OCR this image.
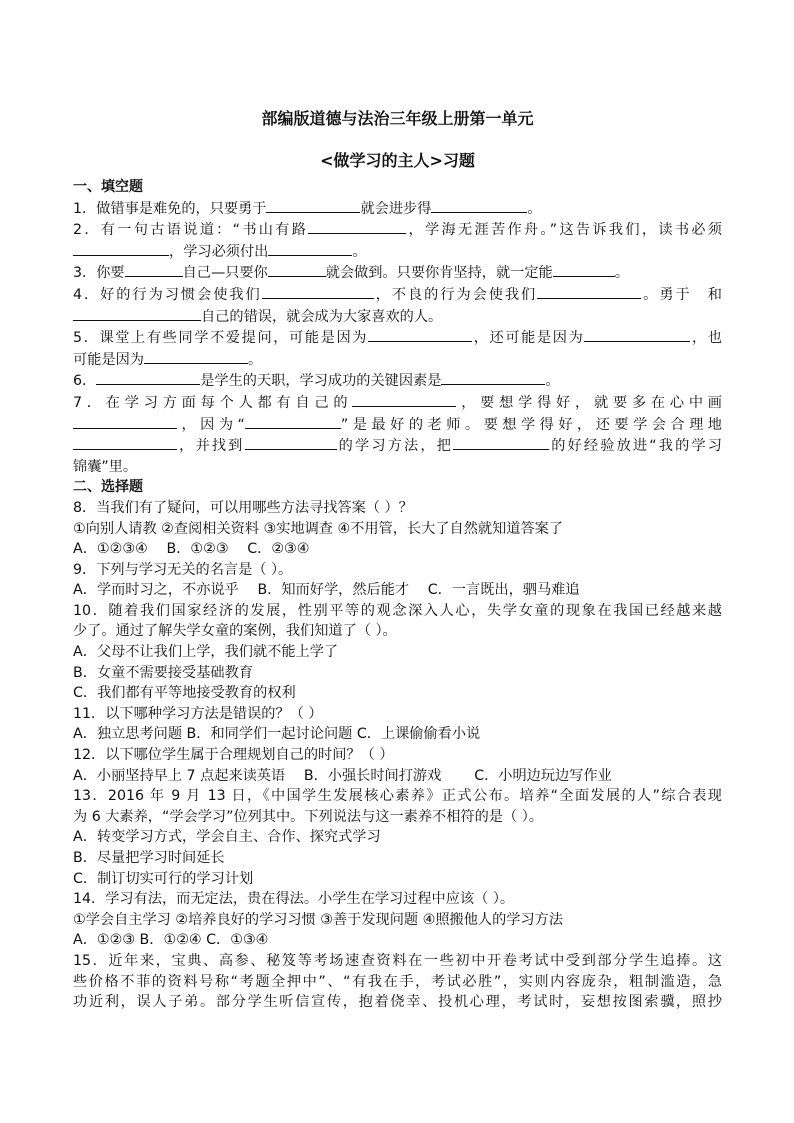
部编版道德与法治三年级上册第一单元

<做学习的主人>习题

一、填空题

1．做错事是难免的，只要勇于	就会进步得	。

2．有一句古语说道：“书山有路	，学海无涯苦作舟。”这告诉我们，读书必须

，学习必须付出	。

3．你要	自己—只要你	就会做到。只要你肯坚持，就一定能	。

4．好的行为习惯会使我们	，不良的行为会使我们	。勇于　和

自己的错误，就会成为大家喜欢的人。

5．课堂上有些同学不爱提问，可能是因为	，还可能是因为	，也

可能是因为	。

6．	是学生的天职，学习成功的关键因素是	。

7．在学习方面每个人都有自己的	，要想学得好，就要多在心中画

，因为“	”是最好的老师。要想学得好，还要学会合理地

，并找到	的学习方法，把	的好经验放进“我的学习

锦囊”里。

二、选择题

8．当我们有了疑问，可以用哪些方法寻找答案（ ）？

①向别人请教 ②查阅相关资料 ③实地调查 ④不用管，长大了自然就知道答案了

A．①②③④　 B．①②③　 C．②③④

9．下列与学习无关的名言是（ ）。

A．学而时习之，不亦说乎　 B．知而好学，然后能才　 C．一言既出，驷马难追

10．随着我们国家经济的发展，性别平等的观念深入人心，失学女童的现象在我国已经越来越

少了。通过了解失学女童的案例，我们知道了（ ）。

A．父母不让我们上学，我们就不能上学了

B．女童不需要接受基础教育

C．我们都有平等地接受教育的权利

11．以下哪种学习方法是错误的？（ ）

A．独立思考问题 B．和同学们一起讨论问题 C．上课偷偷看小说

12．以下哪位学生属于合理规划自己的时间？（ ）

A．小丽坚持早上 7 点起来读英语　 B．小强长时间打游戏　　 C．小明边玩边写作业

13．2016 年 9 月 13 日，《中国学生发展核心素养》正式公布。培养“全面发展的人”综合表现

为 6 大素养，“学会学习”位列其中。下列说法与这一素养不相符的是（ ）。

A．转变学习方式，学会自主、合作、探究式学习

B．尽量把学习时间延长

C．制订切实可行的学习计划

14．学习有法，而无定法，贵在得法。小学生在学习过程中应该（ ）。

①学会自主学习 ②培养良好的学习习惯 ③善于发现问题 ④照搬他人的学习方法

A．①②③ B．①②④ C．①③④

15．近年来，宝典、高参、秘笈等考场速查资料在一些初中开卷考试中受到部分学生追捧。这

些价格不菲的资料号称“考题全押中”、“有我在手，考试必胜”，实则内容庞杂，粗制滥造，急

功近利，误人子弟。部分学生听信宣传，抱着侥幸、投机心理，考试时，妄想按图索骥，照抄
